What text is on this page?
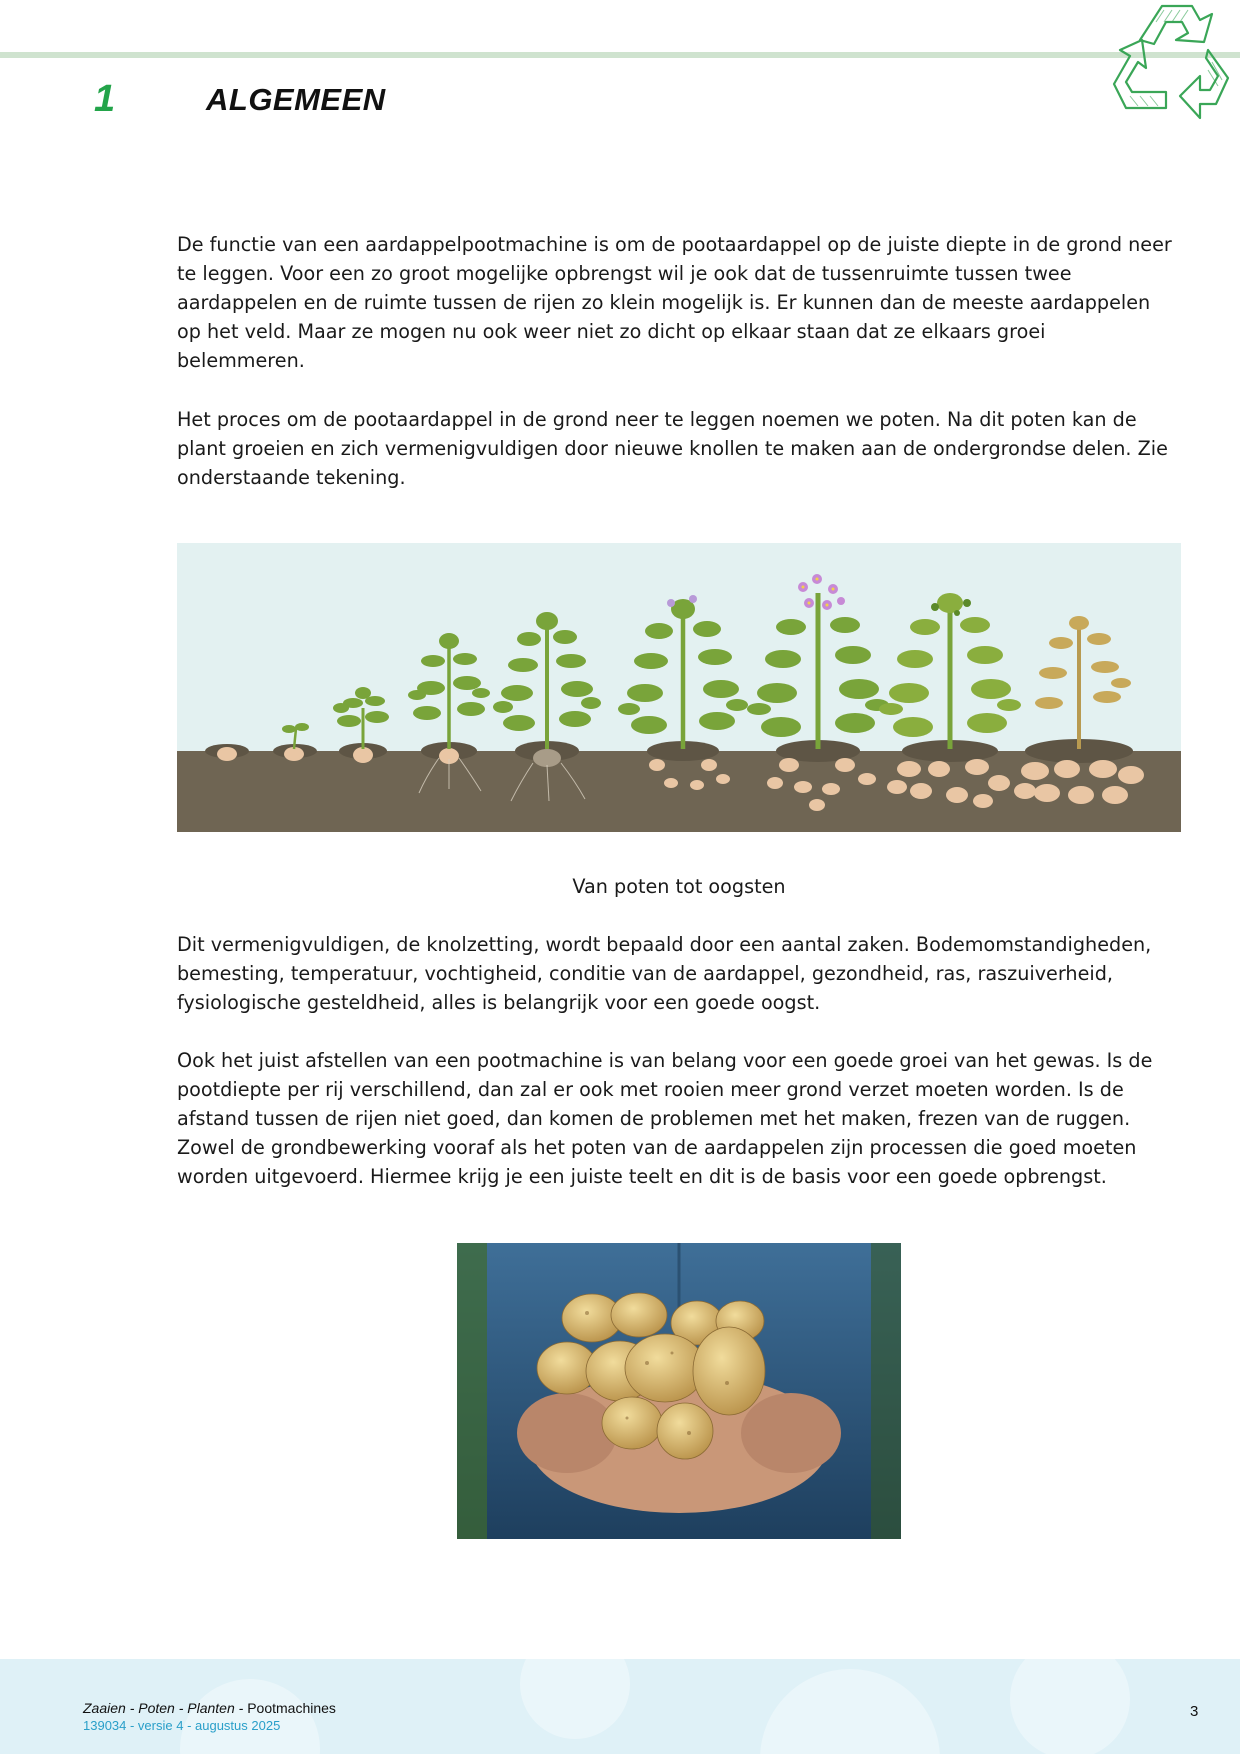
1	ALGEMEEN

De functie van een aardappelpootmachine is om de pootaardappel op de juiste diepte in de grond neer te leggen. Voor een zo groot mogelijke opbrengst wil je ook dat de tussenruimte tussen twee aardappelen en de ruimte tussen de rijen zo klein mogelijk is. Er kunnen dan de meeste aardappelen op het veld. Maar ze mogen nu ook weer niet zo dicht op elkaar staan dat ze elkaars groei belemmeren.

Het proces om de pootaardappel in de grond neer te leggen noemen we poten. Na dit poten kan de plant groeien en zich vermenigvuldigen door nieuwe knollen te maken aan de ondergrondse delen. Zie onderstaande tekening.

Van poten tot oogsten

Dit vermenigvuldigen, de knolzetting, wordt bepaald door een aantal zaken. Bodemomstandigheden, bemesting, temperatuur, vochtigheid, conditie van de aardappel, gezondheid, ras, raszuiverheid, fysiologische gesteldheid, alles is belangrijk voor een goede oogst.

Ook het juist afstellen van een pootmachine is van belang voor een goede groei van het gewas. Is de pootdiepte per rij verschillend, dan zal er ook met rooien meer grond verzet moeten worden. Is de afstand tussen de rijen niet goed, dan komen de problemen met het maken, frezen van de ruggen. Zowel de grondbewerking vooraf als het poten van de aardappelen zijn processen die goed moeten worden uitgevoerd. Hiermee krijg je een juiste teelt en dit is de basis voor een goede opbrengst.

Zaaien - Poten - Planten - Pootmachines
139034 - versie 4 - augustus 2025
3
